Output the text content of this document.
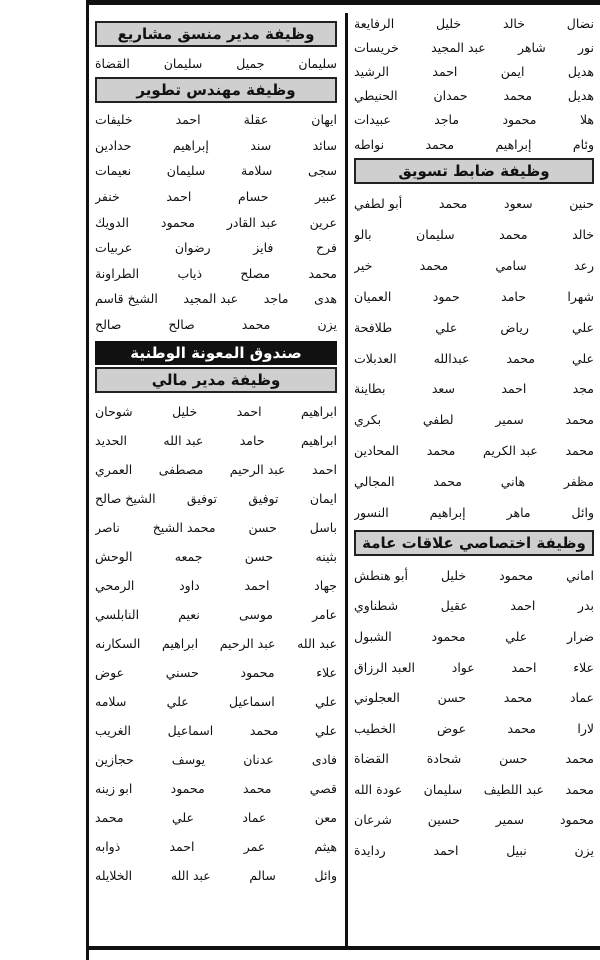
نضال
خالد
خليل
الرفايعة
نور
شاهر
عبد المجيد
خريسات
هديل
ايمن
احمد
الرشيد
هديل
محمد
حمدان
الحنيطي
هلا
محمود
ماجد
عبيدات
وئام
إبراهيم
محمد
نواطه
وظيفة ضابط تسويق
حنين
سعود
محمد
أبو لطفي
خالد
محمد
سليمان
بالو
رعد
سامي
محمد
خير
شهرا
حامد
حمود
العميان
علي
رياض
علي
طلافحة
علي
محمد
عبدالله
العدبلات
مجد
احمد
سعد
بطاينة
محمد
سمير
لطفي
بكري
محمد
عبد الكريم
محمد
المحادين
مظفر
هاني
محمد
المجالي
وائل
ماهر
إبراهيم
النسور
وظيفة اختصاصي علاقات عامة
اماني
محمود
خليل
أبو هنطش
بدر
احمد
عقيل
شطناوي
ضرار
علي
محمود
الشبول
علاء
احمد
عواد
العبد الرزاق
عماد
محمد
حسن
العجلوني
لارا
محمد
عوض
الخطيب
محمد
حسن
شحادة
القضاة
محمد
عبد اللطيف
سليمان
عودة الله
محمود
سمير
حسين
شرعان
يزن
نبيل
احمد
ردايدة
وظيفة مدير منسق مشاريع
سليمان
جميل
سليمان
القضاة
وظيفة مهندس تطوير
ايهان
عقلة
احمد
خليفات
سائد
سند
إبراهيم
حدادين
سجى
سلامة
سليمان
نعيمات
عبير
حسام
احمد
خنفر
عرين
عبد القادر
محمود
الدويك
فرح
فايز
رضوان
عربيات
محمد
مصلح
ذياب
الطراونة
هدى
ماجد
عبد المجيد
الشيخ قاسم
يزن
محمد
صالح
صالح
صندوق المعونة الوطنية
وظيفة مدير مالي
ابراهيم
احمد
خليل
شوحان
ابراهيم
حامد
عبد الله
الحديد
احمد
عبد الرحيم
مصطفى
العمري
ايمان
توفيق
توفيق
الشيخ صالح
باسل
حسن
محمد الشيخ
ناصر
بثينه
حسن
جمعه
الوحش
جهاد
احمد
داود
الرمحي
عامر
موسى
نعيم
النابلسي
عبد الله
عبد الرحيم
ابراهيم
السكارنه
علاء
محمود
حسني
عوض
علي
اسماعيل
علي
سلامه
علي
محمد
اسماعيل
الغريب
فادى
عدنان
يوسف
حجازين
قصي
محمد
محمود
ابو زينه
معن
عماد
علي
محمد
هيثم
عمر
احمد
ذوابه
وائل
سالم
عبد الله
الخلايله
